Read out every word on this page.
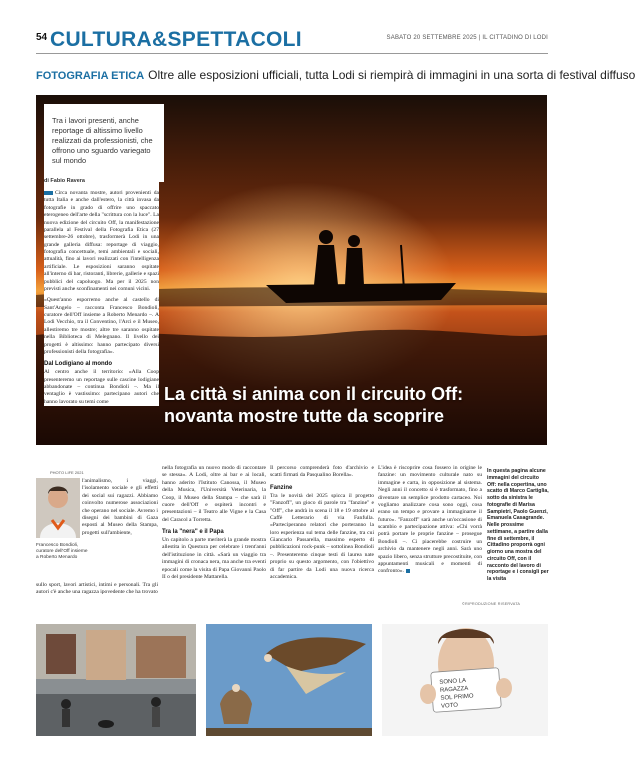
54 CULTURA&SPETTACOLI	SABATO 20 SETTEMBRE 2025 | IL CITTADINO DI LODI
FOTOGRAFIA ETICA Oltre alle esposizioni ufficiali, tutta Lodi si riempirà di immagini in una sorta di festival diffuso

Tra i lavori presenti, anche reportage di altissimo livello realizzati da professionisti, che offrono uno sguardo variegato sul mondo

La città si anima con il circuito Off:
novanta mostre tutte da scoprire
di Fabio Ravera

Circa novanta mostre, autori provenienti da tutta Italia e anche dall'estero, la città invasa da fotografie in grado di offrire uno spaccato eterogeneo dell'arte della "scrittura con la luce". La nuova edizione del circuito Off, la manifestazione parallela al Festival della Fotografia Etica (27 settembre-26 ottobre), trasformerà Lodi in una grande galleria diffusa: reportage di viaggio, fotografia concettuale, temi ambientali e sociali, attualità, fino ai lavori realizzati con l'intelligenza artificiale. Le esposizioni saranno ospitate all'interno di bar, ristoranti, librerie, gallerie e spazi pubblici del capoluogo. Ma per il 2025 non previsti anche sconfinamenti nei comuni vicini.

«Quest'anno esporremo anche al castello di Sant'Angelo – racconta Francesco Bondioli, curatore dell'Off insieme a Roberto Menardo –. A Lodi Vecchio, tra il Conventino, l'Arci e il Museo, allestiremo tre mostre; altre tre saranno ospitate nella Biblioteca di Melegnano. Il livello dei progetti è altissimo: hanno partecipato diversi professionisti della fotografia».

Dal Lodigiano al mondo

Al centro anche il territorio: «Alla Coop presenteremo un reportage sulle cascine lodigiane abbandonate – continua Bondioli –. Ma il ventaglio è vastissimo: partecipano autori che hanno lavorato su temi come

PHOTO LIFE 2021
l'animalismo, i viaggi, l'isolamento sociale e gli effetti dei social sui ragazzi. Abbiamo coinvolto numerose associazioni che operano nel sociale. Avremo i disegni dei bambini di Gaza esposti al Museo della Stampa, progetti sull'ambiente,
Francesco Bondioli, curatore dell'Off insieme a Roberto Menardo
sullo sport, lavori artistici, intimi e personali. Tra gli autori c'è anche una ragazza ipovedente che ha trovato

nella fotografia un nuovo modo di raccontare se stessa». A Lodi, oltre ai bar e ai locali, hanno aderito l'Istituto Canossa, il Museo della Musica, l'Università Veterinaria, la Coop, il Museo della Stampa – che sarà il cuore dell'Off e ospiterà incontri e presentazioni – il Teatro alle Vigne e la Casa del Caracol a Torretta.

Tra la "nera" e il Papa

Un capitolo a parte meriterà la grande mostra allestita in Questura per celebrare i trent'anni dell'istituzione in città. «Sarà un viaggio tra immagini di cronaca nera, ma anche tra eventi epocali come la visita di Papa Giovanni Paolo II o del presidente Mattarella.

Il percorso comprenderà foto d'archivio e scatti firmati da Pasqualino Borella».

Fanzine

Tra le novità del 2025 spicca il progetto "Fanzoff", un gioco di parole tra "fanzine" e "Off", che andrà in scena il 18 e 19 ottobre al Caffè Letterario di via Fanfulla. «Parteciperanno relatori che porteranno la loro esperienza sul tema delle fanzine, tra cui Giancarlo Passarella, massimo esperto di pubblicazioni rock-punk – sottolinea Bondioli –. Presenteremo cinque testi di laurea nate proprio su questo argomento, con l'obiettivo di far partire da Lodi una nuova ricerca accademica.

L'idea è riscoprire cosa fossero in origine le fanzine: un movimento culturale nato su immagine e carta, in opposizione al sistema. Negli anni il concetto si è trasformato, fino a diventare un semplice prodotto cartaceo. Noi vogliamo analizzare cosa sono oggi, cosa erano un tempo e provare a immaginarne il futuro». "Fanzoff" sarà anche un'occasione di scambio e partecipazione attiva: «Chi vorrà potrà portare le proprie fanzine – prosegue Bondioli –. Ci piacerebbe costruire un archivio da mantenere negli anni. Sarà uno spazio libero, senza strutture precostituite, con appuntamenti musicali e momenti di confronto».

©RIPRODUZIONE RISERVATA
In questa pagina alcune immagini del circuito Off: nella copertina, uno scatto di Marco Cartiglia, sotto da sinistra le fotografie di Marisa Sampietri, Paolo Guenzi, Emanuela Casagrande. Nelle prossime settimane, a partire dalla fine di settembre, il Cittadino proporrà ogni giorno una mostra del circuito Off, con il racconto del lavoro di reportage e i consigli per la visita
SONO LA
RAGAZZA
SOL PRIMO
VOTO
